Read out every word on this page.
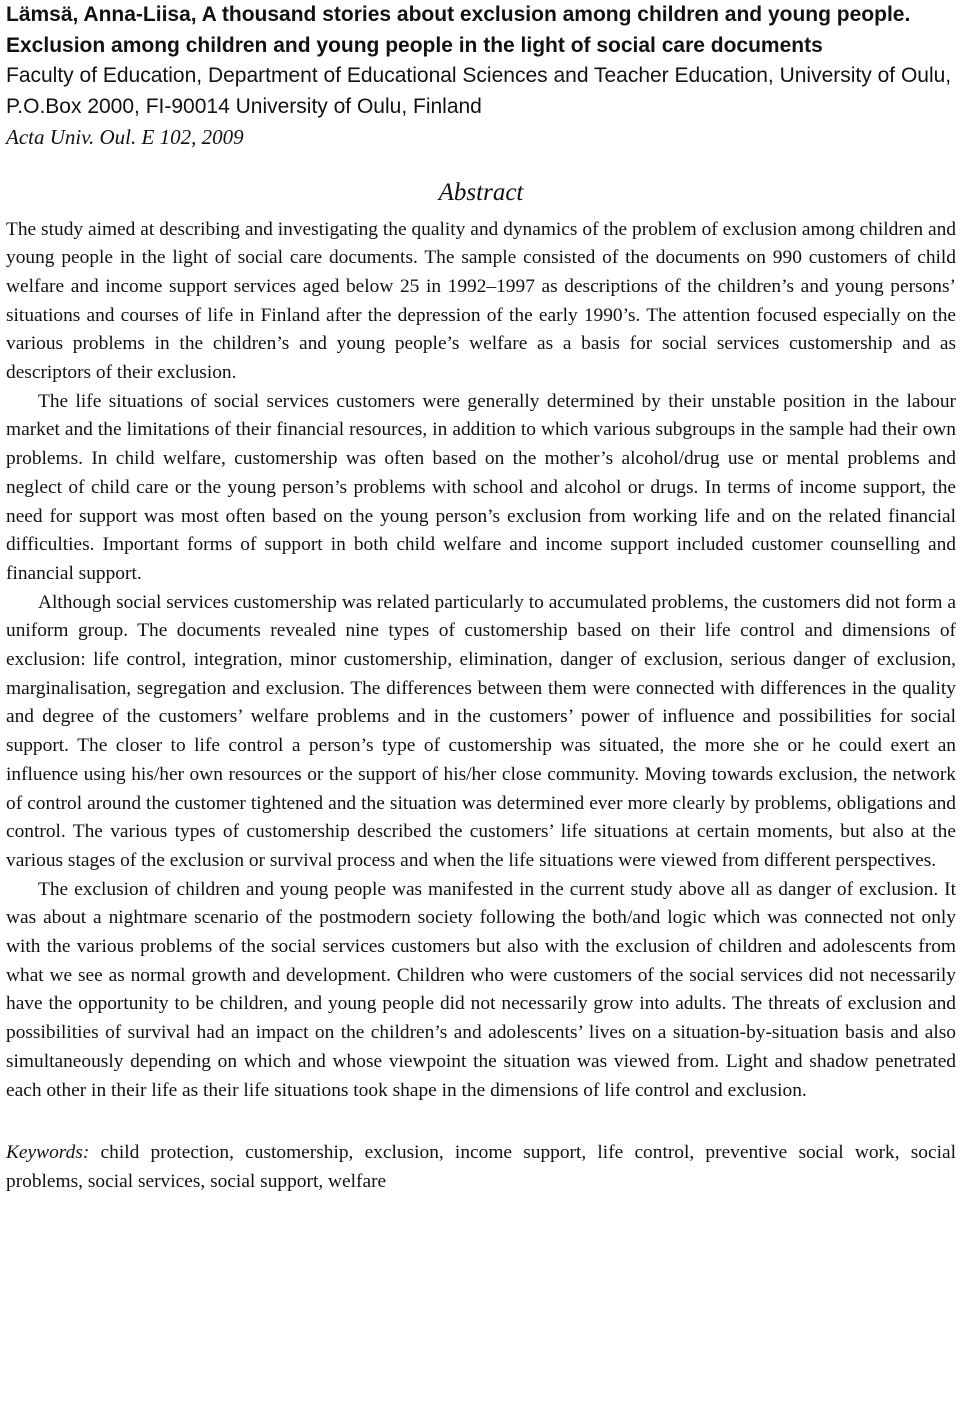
Lämsä, Anna-Liisa, A thousand stories about exclusion among children and young people. Exclusion among children and young people in the light of social care documents
Faculty of Education, Department of Educational Sciences and Teacher Education, University of Oulu, P.O.Box 2000, FI-90014 University of Oulu, Finland
Acta Univ. Oul. E 102, 2009
Abstract

The study aimed at describing and investigating the quality and dynamics of the problem of exclusion among children and young people in the light of social care documents. The sample consisted of the documents on 990 customers of child welfare and income support services aged below 25 in 1992–1997 as descriptions of the children’s and young persons’ situations and courses of life in Finland after the depression of the early 1990’s. The attention focused especially on the various problems in the children’s and young people’s welfare as a basis for social services customership and as descriptors of their exclusion.

The life situations of social services customers were generally determined by their unstable position in the labour market and the limitations of their financial resources, in addition to which various subgroups in the sample had their own problems. In child welfare, customership was often based on the mother’s alcohol/drug use or mental problems and neglect of child care or the young person’s problems with school and alcohol or drugs. In terms of income support, the need for support was most often based on the young person’s exclusion from working life and on the related financial difficulties. Important forms of support in both child welfare and income support included customer counselling and financial support.

Although social services customership was related particularly to accumulated problems, the customers did not form a uniform group. The documents revealed nine types of customership based on their life control and dimensions of exclusion: life control, integration, minor customership, elimination, danger of exclusion, serious danger of exclusion, marginalisation, segregation and exclusion. The differences between them were connected with differences in the quality and degree of the customers’ welfare problems and in the customers’ power of influence and possibilities for social support. The closer to life control a person’s type of customership was situated, the more she or he could exert an influence using his/her own resources or the support of his/her close community. Moving towards exclusion, the network of control around the customer tightened and the situation was determined ever more clearly by problems, obligations and control. The various types of customership described the customers’ life situations at certain moments, but also at the various stages of the exclusion or survival process and when the life situations were viewed from different perspectives.

The exclusion of children and young people was manifested in the current study above all as danger of exclusion. It was about a nightmare scenario of the postmodern society following the both/and logic which was connected not only with the various problems of the social services customers but also with the exclusion of children and adolescents from what we see as normal growth and development. Children who were customers of the social services did not necessarily have the opportunity to be children, and young people did not necessarily grow into adults. The threats of exclusion and possibilities of survival had an impact on the children’s and adolescents’ lives on a situation-by-situation basis and also simultaneously depending on which and whose viewpoint the situation was viewed from. Light and shadow penetrated each other in their life as their life situations took shape in the dimensions of life control and exclusion.

Keywords: child protection, customership, exclusion, income support, life control, preventive social work, social problems, social services, social support, welfare
